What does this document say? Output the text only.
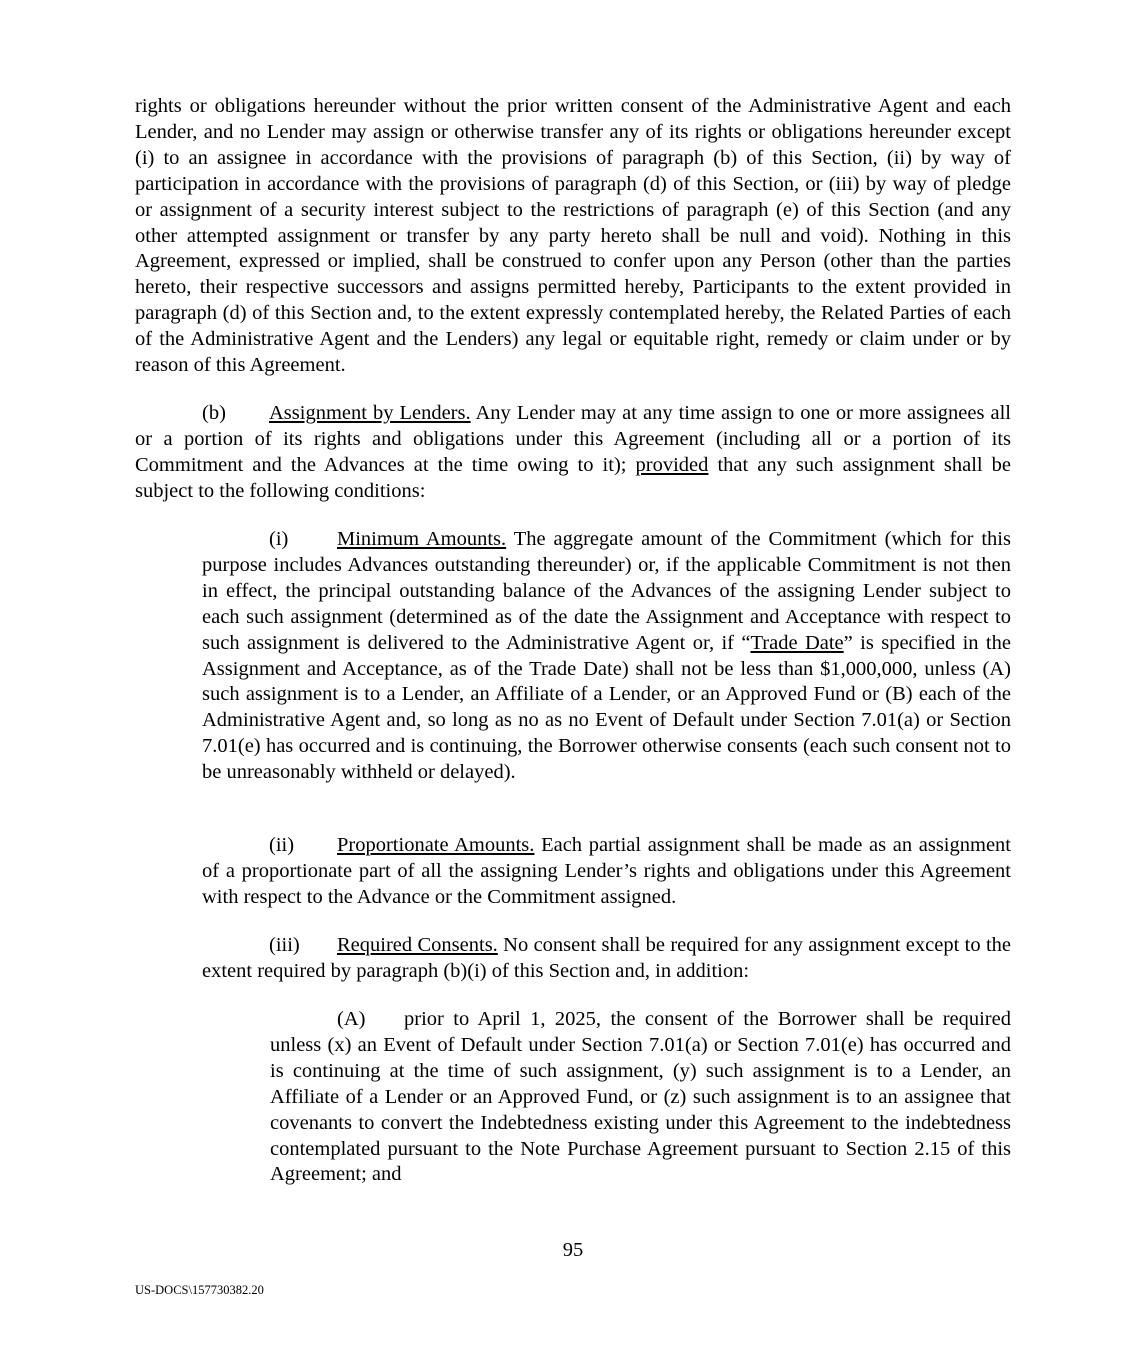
rights or obligations hereunder without the prior written consent of the Administrative Agent and each Lender, and no Lender may assign or otherwise transfer any of its rights or obligations hereunder except (i) to an assignee in accordance with the provisions of paragraph (b) of this Section, (ii) by way of participation in accordance with the provisions of paragraph (d) of this Section, or (iii) by way of pledge or assignment of a security interest subject to the restrictions of paragraph (e) of this Section (and any other attempted assignment or transfer by any party hereto shall be null and void). Nothing in this Agreement, expressed or implied, shall be construed to confer upon any Person (other than the parties hereto, their respective successors and assigns permitted hereby, Participants to the extent provided in paragraph (d) of this Section and, to the extent expressly contemplated hereby, the Related Parties of each of the Administrative Agent and the Lenders) any legal or equitable right, remedy or claim under or by reason of this Agreement.

(b) Assignment by Lenders. Any Lender may at any time assign to one or more assignees all or a portion of its rights and obligations under this Agreement (including all or a portion of its Commitment and the Advances at the time owing to it); provided that any such assignment shall be subject to the following conditions:

(i) Minimum Amounts. The aggregate amount of the Commitment (which for this purpose includes Advances outstanding thereunder) or, if the applicable Commitment is not then in effect, the principal outstanding balance of the Advances of the assigning Lender subject to each such assignment (determined as of the date the Assignment and Acceptance with respect to such assignment is delivered to the Administrative Agent or, if “Trade Date” is specified in the Assignment and Acceptance, as of the Trade Date) shall not be less than $1,000,000, unless (A) such assignment is to a Lender, an Affiliate of a Lender, or an Approved Fund or (B) each of the Administrative Agent and, so long as no as no Event of Default under Section 7.01(a) or Section 7.01(e) has occurred and is continuing, the Borrower otherwise consents (each such consent not to be unreasonably withheld or delayed).

(ii) Proportionate Amounts. Each partial assignment shall be made as an assignment of a proportionate part of all the assigning Lender’s rights and obligations under this Agreement with respect to the Advance or the Commitment assigned.

(iii) Required Consents. No consent shall be required for any assignment except to the extent required by paragraph (b)(i) of this Section and, in addition:

(A) prior to April 1, 2025, the consent of the Borrower shall be required unless (x) an Event of Default under Section 7.01(a) or Section 7.01(e) has occurred and is continuing at the time of such assignment, (y) such assignment is to a Lender, an Affiliate of a Lender or an Approved Fund, or (z) such assignment is to an assignee that covenants to convert the Indebtedness existing under this Agreement to the indebtedness contemplated pursuant to the Note Purchase Agreement pursuant to Section 2.15 of this Agreement; and

95
US-DOCS\157730382.20
